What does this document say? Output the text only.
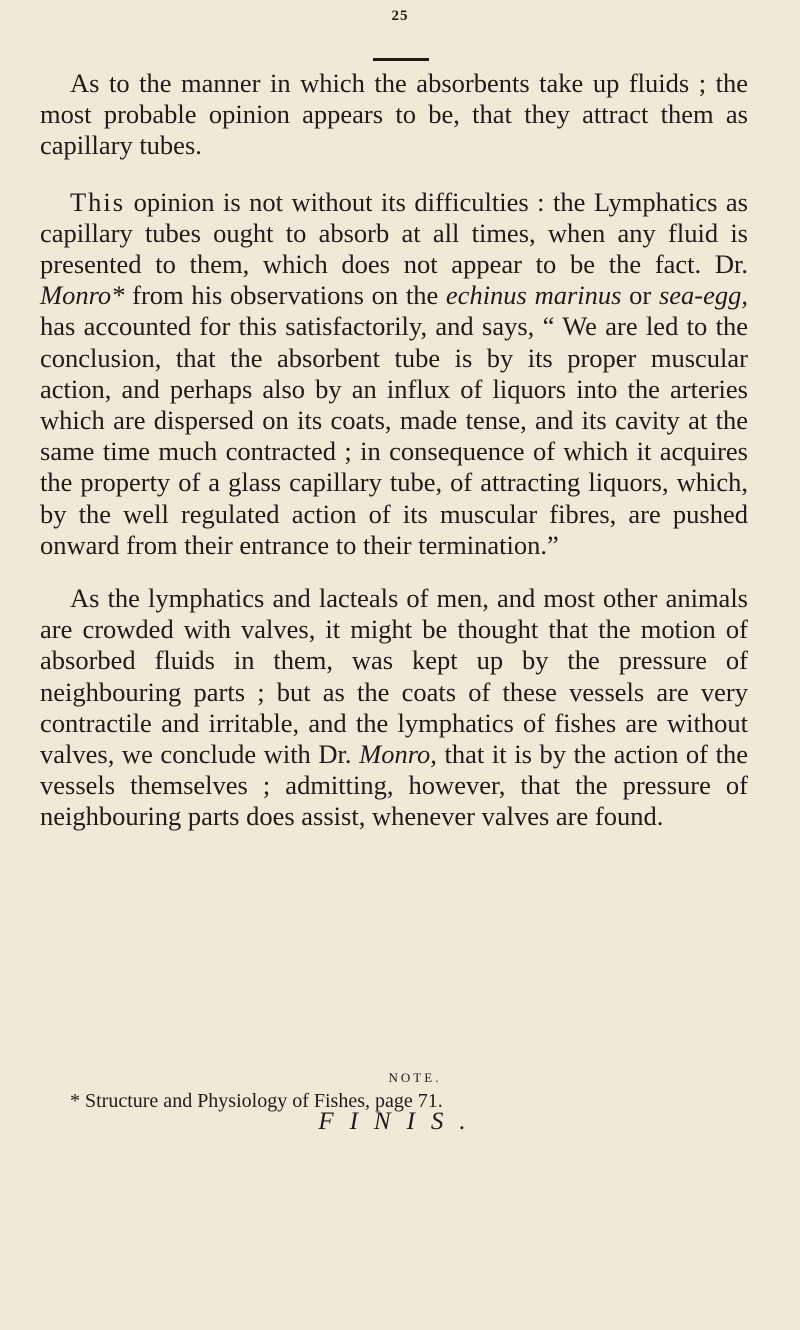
25

As to the manner in which the absorbents take up fluids ; the most probable opinion appears to be, that they attract them as capillary tubes.

This opinion is not without its difficulties : the Lymphatics as capillary tubes ought to absorb at all times, when any fluid is presented to them, which does not appear to be the fact. Dr. Monro* from his observations on the echinus marinus or sea-egg, has accounted for this satisfactorily, and says, “ We are led to the conclusion, that the absorbent tube is by its proper muscular action, and perhaps also by an influx of liquors into the arteries which are dispersed on its coats, made tense, and its cavity at the same time much contracted ; in consequence of which it acquires the property of a glass capillary tube, of attracting liquors, which, by the well regulated action of its muscular fibres, are pushed onward from their entrance to their termination.”

As the lymphatics and lacteals of men, and most other animals are crowded with valves, it might be thought that the motion of absorbed fluids in them, was kept up by the pressure of neighbouring parts ; but as the coats of these vessels are very contractile and irritable, and the lymphatics of fishes are without valves, we conclude with Dr. Monro, that it is by the action of the vessels themselves ; admitting, however, that the pressure of neighbouring parts does assist, whenever valves are found.

NOTE.

* Structure and Physiology of Fishes, page 71.

FINIS.
